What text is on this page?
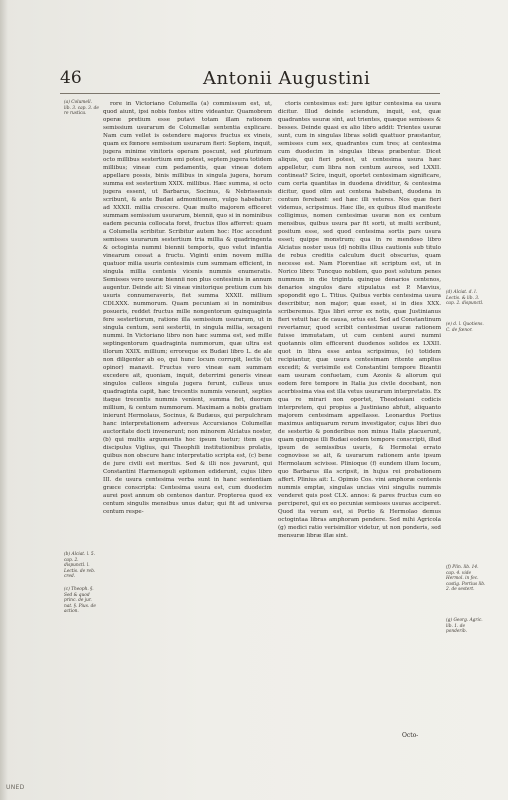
46	Antonii Augustini

rore in Victoriano Columella (a) commissum est, ut, quod aiunt, ipsi nobis fontes sitire videantur. Quamobrem operæ pretium esse putavi totam illam rationem semissium usurarum de Columellæ sententia explicare. Nam cum vellet is ostendere majores fructus ex vineis, quam ex fœnore semissium usurarum fieri: Septem, inquit, jugera minime vinitoris operam poscunt, sed plurimum octo millibus sestertium emi potest, septem jugera totidem millibus; vineæ cum pedamentis, quæ vineæ dotem appellare possis, binis millibus in singula jugera, horum summa est sestertium XXIX. millibus. Hæc summa, si octo jugera essent, ut Barbarus, Socinus, & Nebrissensis scribunt, & ante Budæi admonitionem, vulgo habebatur: ad XXXII. millia crescere. Quæ multo majorem efficeret summam semissium usurarum, biennii, quo si in nominibus eadem pecunia collocata foret, fructus illos afferret: quam a Columella scribitur. Scribitur autem hoc: Hoc accedunt semisses usurarum sestertium tria millia & quadringenta & octoginta nummi biennii temporis, quo velut infantia vinearum cessat a fructu. Viginti enim novem millia quatuor milia usuris centesimis cum summam efficient, in singula millia centenis vicenis nummis enumeratis. Semisses vero usuræ biennii non plus centesimis in annum augentur. Deinde ait: Si vineæ vinitorique pretium cum his usuris connumeraveris, fiet summa XXXII. millium CDLXXX. nummorum. Quam pecuniam si in nominibus posueris, reddet fructus mille nongentorum quinquaginta fere sestertiorum, ratione illa semissium usurarum, ut in singula centum, seni sestertii, in singula millia, sexageni nummi. In Victoriano libro non hæc summa est, sed mille septingentorum quadraginta nummorum, quæ ultra est illorum XXIX. millium; erroreque ex Budæi libro L. de ale non diligenter ab eo, qui hunc locum corrupit, lectis (ut opinor) manavit. Fructus vero vineæ eam summam excedere ait, quoniam, inquit, deterrimi generis vineæ singulos culleos singula jugera ferunt, culleus unus quadraginta capit, hæc trecentis nummis veneunt, septies itaque trecentis nummis venient, summa fiet, duorum millium, & centum nummorum. Maximam a nobis gratiam inierunt Hermolaus, Socinus, & Budæus, qui perpulchram hanc interpretationem adversus Accursianos Columellæ auctoritate docti invenerunt; non minorem Alciatus noster, (b) qui multis argumentis hoc ipsum tuetur; item ejus discipulus Viglius, qui Theophili institutionibus prolatis, quibus non obscure hanc interpretatio scripta est, (c) bene de jure civili est meritus. Sed & illi nos juvarunt, qui Constantini Harmenopuli epitomen ediderunt, cujus libro III. de usura centesima verba sunt in hanc sententiam græce conscripta: Centesima usura est, cum duodecim aurei post annum ob centenos dantur. Propterea quod ex centum singulis mensibus unus datur, qui fit ad universa centum respe-

ctoris centesimus est: jure igitur centesima ea usura dicitur. Illud deinde sciendum, inquit, est, quæ quadrantes usuræ sint, aut trientes, quæque semisses & besses. Deinde quasi ex alio libro addit: Trientes usuræ sunt, cum in singulas libras solidi quattuor præstantur, semisses cum sex, quadrantes cum tres; at centesima cum duodecim in singulas libras præbentur. Dicet aliquis, qui fieri potest, ut centesima usura hæc appelletur, cum libra non centum aureos, sed LXXII. contineat? Scire, inquit, oportet centesimam significare, cum certa quantitas in duodena dividitur, & centesima dicitur, quod olim aut centena habebant, duodena in centum ferebant: sed hæc illi veteres. Nos quæ fieri videmus, scripsimus. Hæc ille, ex quibus illud manifeste colligimus, nomen centesimæ usuræ non ex centum mensibus, quibus usura par fit sorti, ut multi scribunt, positum esse, sed quod centesima sortis pars usura esset; quippe monstrum; qua in re mendoso libro Alciatus noster usus (d) nobilis illius cautionis sub titulo de rebus creditis calculum ducit obscurius, quam necesse est. Nam Florentiae sit scriptum est, ut in Norico libro: Tuncquo nobilem, quo post solutum penes nummum in die triginta quinque denarios centenos, denarios singulos dare stipulatus est P. Mævius, spopondit ego L. Titius. Quibus verbis centesima usura describitur, non major; quæ esset, si in dies XXX. scriberemus. Ejus libri error ex notis, quæ Justinianus fieri vetuit hac de causa, ortus est. Sed ad Constantinum revertamur, quod scribit centesimæ usuræ rationem fuisse immutatam, ut cum centeni aurei nummi quotannis olim efficerent duodenos solidos ex LXXII. quot in libra esse antea scripsimus, (e) totidem recipiantur, quæ usura centesimam ritente amplius excedit; & verisimile est Constantini tempore Bizantii eam usuram confuetam, cum Azonis & aliorum qui eodem fere tempore in Italia jus civile docebant, non acerbissima visa est illa vetus usurarum interpretatio. Ex qua re mirari non oportet, Theodosiani codicis interpretem, qui propius a Justiniano abfuit, aliquanto majorem centesimam appellasse. Leonardus Portius maximus antiquarum rerum investigator, cujus libri duo de sestertio & ponderibus non minus Italis placuerunt, quam quinque illi Budæi eodem tempore conscripti, illud ipsum de semissibus usuris, & Hermolai errato cognovisse se ait, & usurarum rationem ante ipsum Hermolaum scivisse. Plinioque (f) eundem illum locum, quo Barbarus illa scripsit, in hujus rei probationem affert. Plinius ait: L. Opimio Cos. vini amphoræ centenis nummis emptæ, singulas uncias vini singulis nummis venderet quis post CLX. annos: & pares fructus cum eo perciperet, qui ex eo pecuniæ semisses usuras acciperet. Quod ita verum est, si Portio & Hermolao demus octogintaa libras amphoram pendere. Sed mihi Agricola (g) medici ratio verisimilior videtur, ut non ponderis, sed mensuræ libræ illæ sint.

Octo-
(a) Columell. lib. 3. cap. 3. de re rustica.
(b) Alciat. l. 5. cap. 2. dispunctl. l. Lectis. de reb. cred.
(c) Theoph. §. Sed & quod princ. de jur. nat. §. Pius. de action.
(d) Alciat. d. l. Lectis. & lib. 3. cap. 2. dispunctl.
(e) d. l. Quotiens. C. de fœnor.
(f) Plin. lib. 14. cap. 4. vide Hermol. in fec. castig. Portius lib. 2. de sestert.
(g) Georg. Agric. lib. 1. de ponderib.
UNED
